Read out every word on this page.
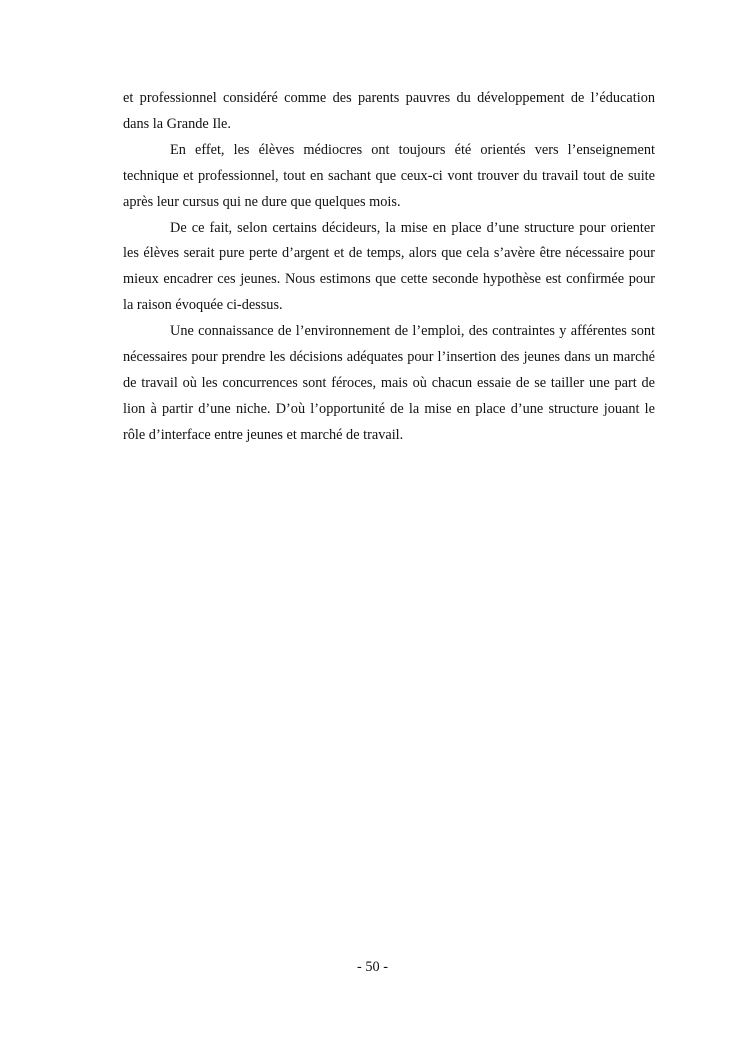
et professionnel considéré comme des parents pauvres du développement de l’éducation dans la Grande Ile.

En effet, les élèves médiocres ont toujours été orientés vers l’enseignement technique et professionnel, tout en sachant que ceux-ci vont trouver du travail tout de suite après leur cursus qui ne dure que quelques mois.

De ce fait, selon certains décideurs, la mise en place d’une structure pour orienter les élèves serait pure perte d’argent et de temps, alors que cela s’avère être nécessaire pour mieux encadrer ces jeunes. Nous estimons que cette seconde hypothèse est confirmée pour la raison évoquée ci-dessus.

Une connaissance de l’environnement de l’emploi, des contraintes y afférentes sont nécessaires pour prendre les décisions adéquates pour l’insertion des jeunes dans un marché de travail où les concurrences sont féroces, mais où chacun essaie de se tailler une part de lion à partir d’une niche. D’où l’opportunité de la mise en place d’une structure jouant le rôle d’interface entre jeunes et marché de travail.

- 50 -
